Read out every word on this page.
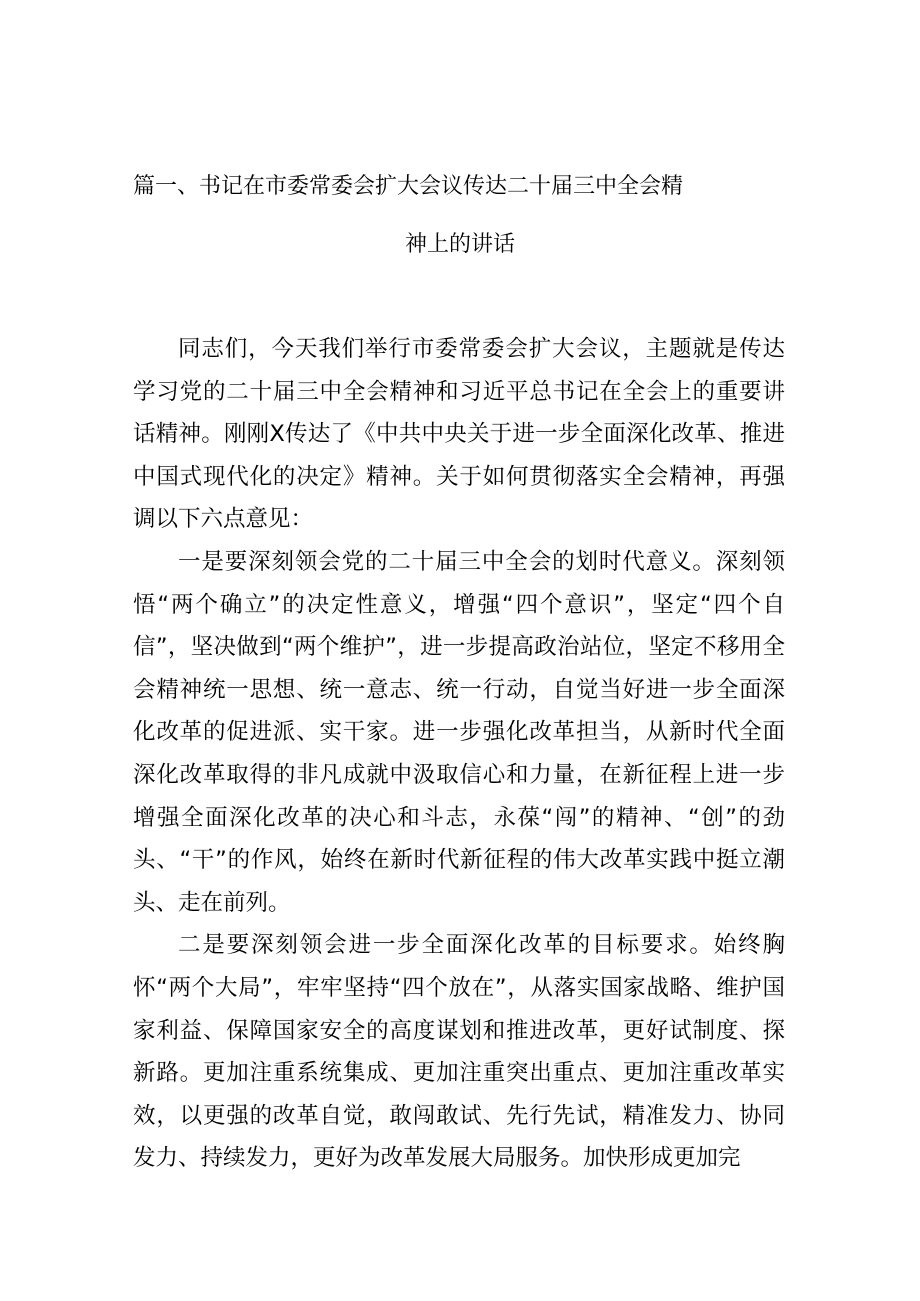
篇一、书记在市委常委会扩大会议传达二十届三中全会精
神上的讲话

同志们，今天我们举行市委常委会扩大会议，主题就是传达学习党的二十届三中全会精神和习近平总书记在全会上的重要讲话精神。刚刚X传达了《中共中央关于进一步全面深化改革、推进中国式现代化的决定》精神。关于如何贯彻落实全会精神，再强调以下六点意见：

一是要深刻领会党的二十届三中全会的划时代意义。深刻领悟“两个确立”的决定性意义，增强“四个意识”，坚定“四个自信”，坚决做到“两个维护”，进一步提高政治站位，坚定不移用全会精神统一思想、统一意志、统一行动，自觉当好进一步全面深化改革的促进派、实干家。进一步强化改革担当，从新时代全面深化改革取得的非凡成就中汲取信心和力量，在新征程上进一步增强全面深化改革的决心和斗志，永葆“闯”的精神、“创”的劲头、“干”的作风，始终在新时代新征程的伟大改革实践中挺立潮头、走在前列。

二是要深刻领会进一步全面深化改革的目标要求。始终胸怀“两个大局”，牢牢坚持“四个放在”，从落实国家战略、维护国家利益、保障国家安全的高度谋划和推进改革，更好试制度、探新路。更加注重系统集成、更加注重突出重点、更加注重改革实效，以更强的改革自觉，敢闯敢试、先行先试，精准发力、协同发力、持续发力，更好为改革发展大局服务。加快形成更加完
